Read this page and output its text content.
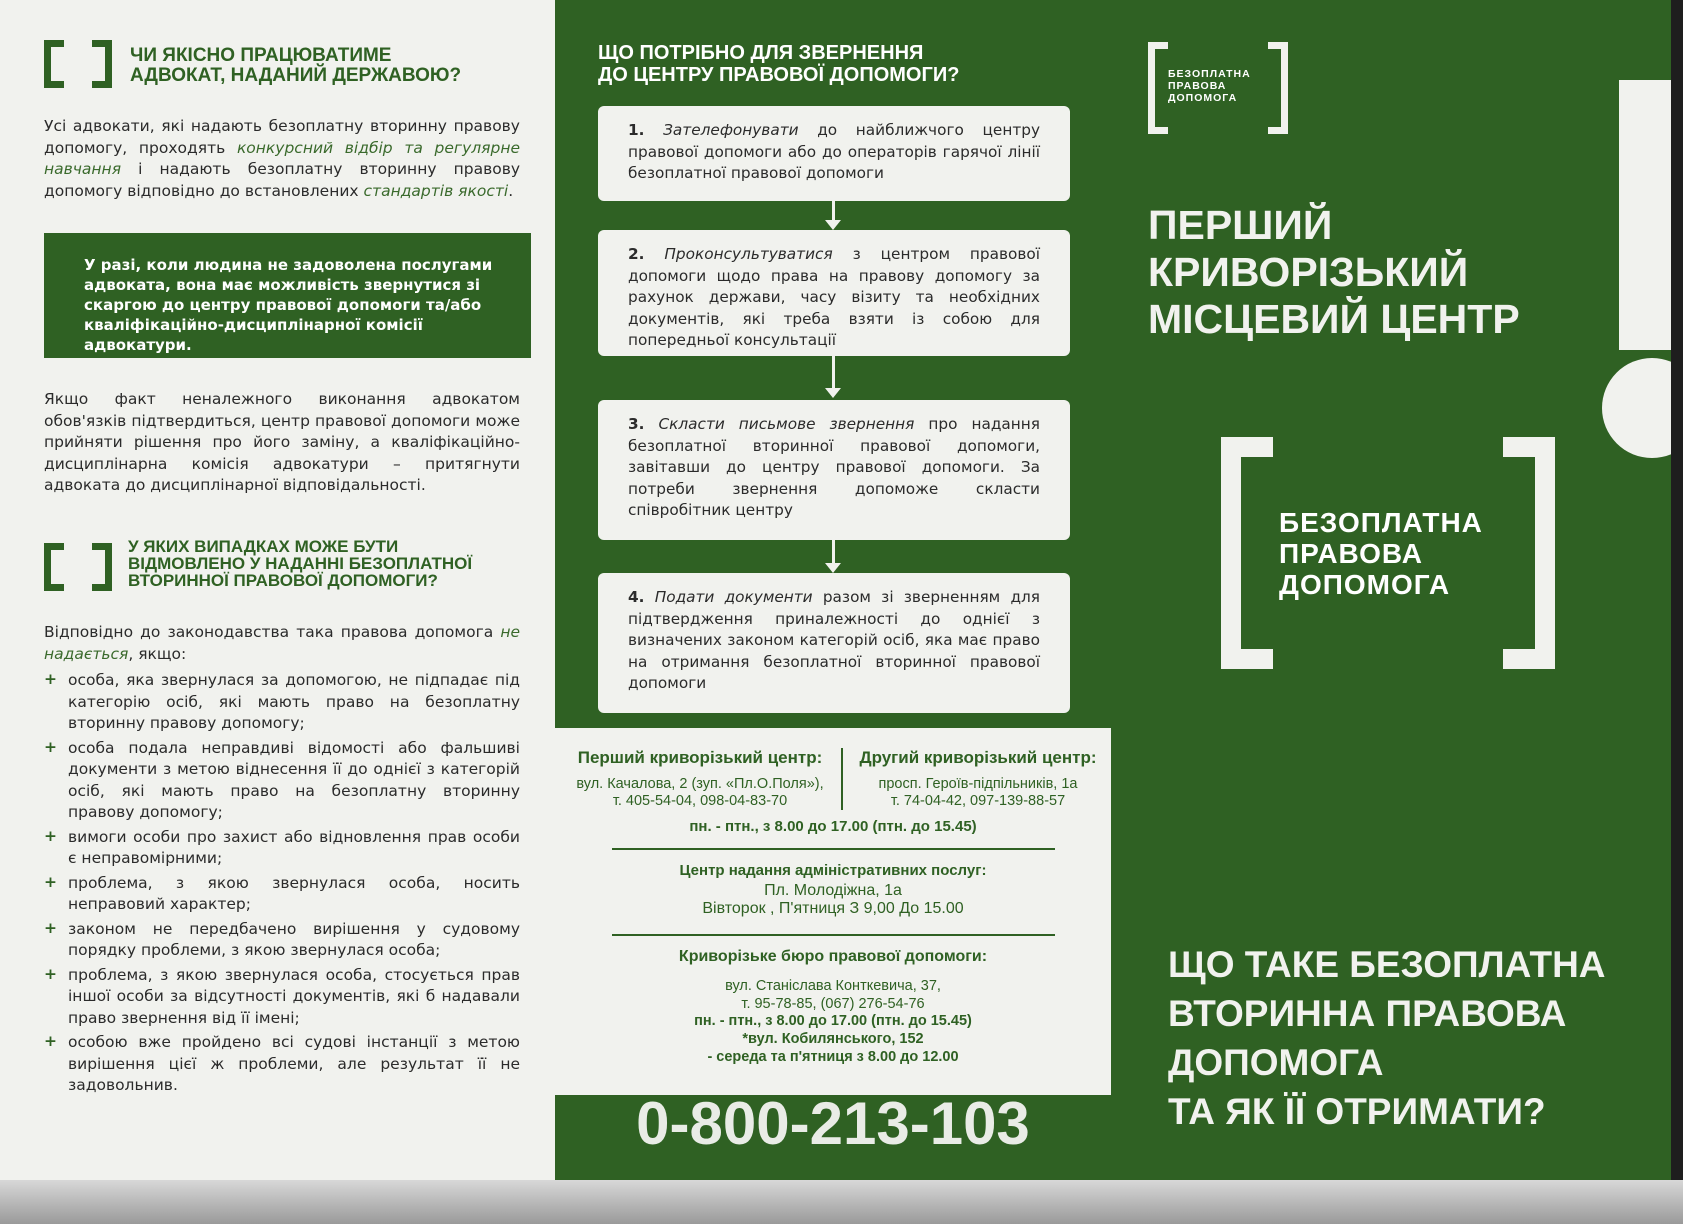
ЧИ ЯКІСНО ПРАЦЮВАТИМЕ
АДВОКАТ, НАДАНИЙ ДЕРЖАВОЮ?
Усі адвокати, які надають безоплатну вторинну правову допомогу, проходять конкурсний відбір та регулярне навчання і надають безоплатну вторинну правову допомогу відповідно до встановлених стандартів якості.
У разі, коли людина не задоволена послугами адвоката, вона має можливість звернутися зі скаргою до центру правової допомоги та/або кваліфікаційно-дисциплінарної комісії адвокатури.
Якщо факт неналежного виконання адвокатом обов'язків підтвердиться, центр правової допомоги може прийняти рішення про його заміну, а кваліфікаційно-дисциплінарна комісія адвокатури – притягнути адвоката до дисциплінарної відповідальності.
У ЯКИХ ВИПАДКАХ МОЖЕ БУТИ
ВІДМОВЛЕНО У НАДАННІ БЕЗОПЛАТНОЇ
ВТОРИННОЇ ПРАВОВОЇ ДОПОМОГИ?
Відповідно до законодавства така правова допомога не надається, якщо:
+ особа, яка звернулася за допомогою, не підпадає під категорію осіб, які мають право на безоплатну вторинну правову допомогу;
+ особа подала неправдиві відомості або фальшиві документи з метою віднесення її до однієї з категорій осіб, які мають право на безоплатну вторинну правову допомогу;
+ вимоги особи про захист або відновлення прав особи є неправомірними;
+ проблема, з якою звернулася особа, носить неправовий характер;
+ законом не передбачено вирішення у судовому порядку проблеми, з якою звернулася особа;
+ проблема, з якою звернулася особа, стосується прав іншої особи за відсутності документів, які б надавали право звернення від її імені;
+ особою вже пройдено всі судові інстанції з метою вирішення цієї ж проблеми, але результат її не задовольнив.
ЩО ПОТРІБНО ДЛЯ ЗВЕРНЕННЯ
ДО ЦЕНТРУ ПРАВОВОЇ ДОПОМОГИ?
1. Зателефонувати до найближчого центру правової допомоги або до операторів гарячої лінії безоплатної правової допомоги
2. Проконсультуватися з центром правової допомоги щодо права на правову допомогу за рахунок держави, часу візиту та необхідних документів, які треба взяти із собою для попередньої консультації
3. Скласти письмове звернення про надання безоплатної вторинної правової допомоги, завітавши до центру правової допомоги. За потреби звернення допоможе скласти співробітник центру
4. Подати документи разом зі зверненням для підтвердження приналежності до однієї з визначених законом категорій осіб, яка має право на отримання безоплатної вторинної правової допомоги
Перший криворізький центр:
вул. Качалова, 2 (зуп. «Пл.О.Поля»),
т. 405-54-04, 098-04-83-70
Другий криворізький центр:
просп. Героїв-підпільників, 1а
т. 74-04-42, 097-139-88-57
пн. - птн., з 8.00 до 17.00 (птн. до 15.45)
Центр надання адміністративних послуг:
Пл. Молодіжна, 1а
Вівторок , П'ятниця З 9,00 До 15.00
Криворізьке бюро правової допомоги:
вул. Станіслава Конткевича, 37,
т. 95-78-85, (067) 276-54-76
пн. - птн., з 8.00 до 17.00 (птн. до 15.45)
*вул. Кобилянського, 152
- середа та п'ятниця з 8.00 до 12.00
0-800-213-103
БЕЗОПЛАТНА
ПРАВОВА
ДОПОМОГА
ПЕРШИЙ
КРИВОРІЗЬКИЙ
МІСЦЕВИЙ ЦЕНТР
БЕЗОПЛАТНА
ПРАВОВА
ДОПОМОГА
ЩО ТАКЕ БЕЗОПЛАТНА
ВТОРИННА ПРАВОВА
ДОПОМОГА
ТА ЯК ЇЇ ОТРИМАТИ?
